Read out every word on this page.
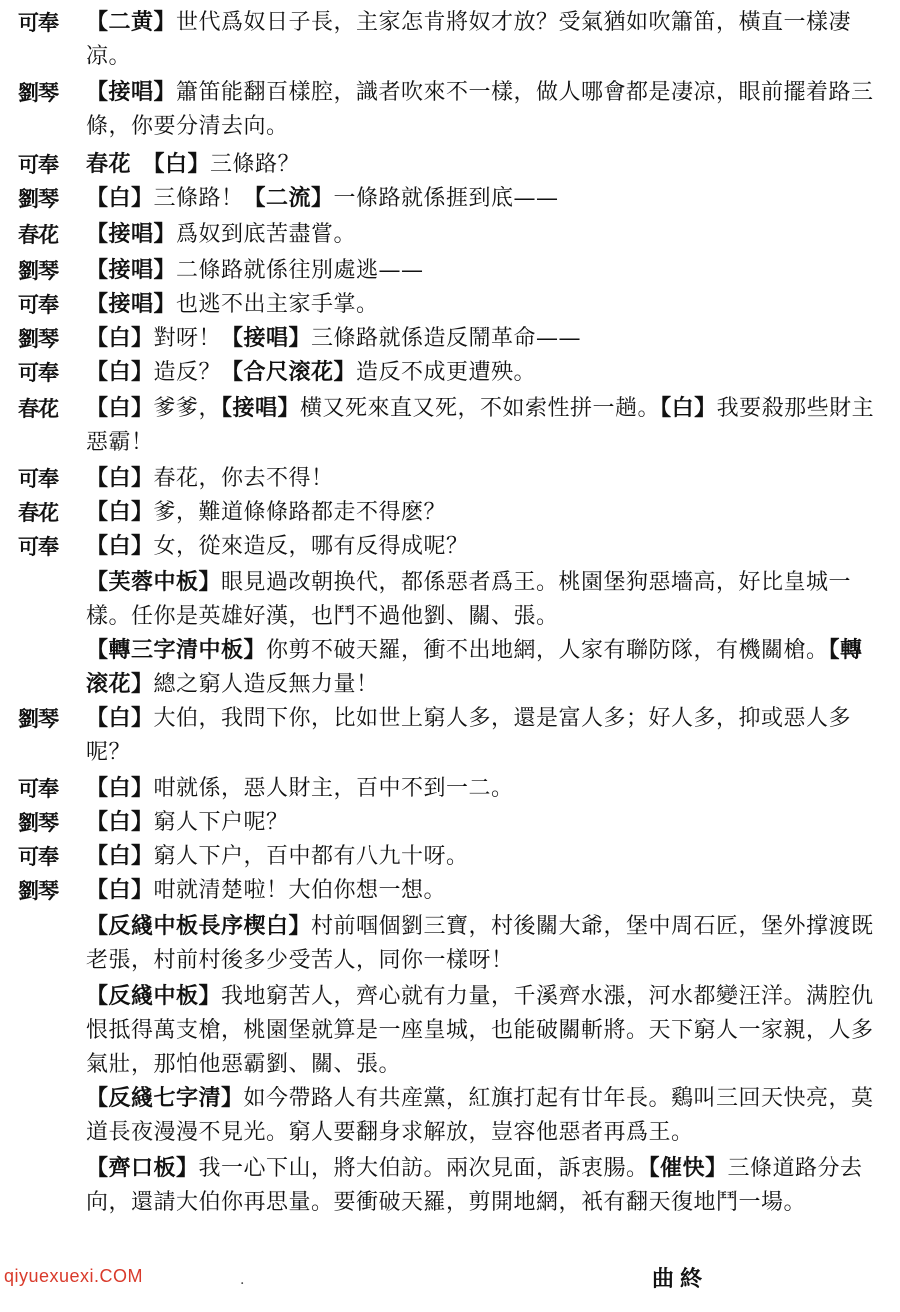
可奉 【二黄】世代爲奴日子長，主家怎肯將奴才放？受氣猶如吹簫笛，橫直一樣凄凉。
劉琴 【接唱】簫笛能翻百樣腔，識者吹來不一樣，做人哪會都是凄凉，眼前擺着路三條，你要分清去向。
可奉 春花　【白】三條路？
劉琴 【白】三條路！【二流】一條路就係捱到底——
春花 【接唱】爲奴到底苦盡嘗。
劉琴 【接唱】二條路就係往別處逃——
可奉 【接唱】也逃不出主家手掌。
劉琴 【白】對呀！【接唱】三條路就係造反鬧革命——
可奉 【白】造反？【合尺滚花】造反不成更遭殃。
春花 【白】爹爹，【接唱】横又死來直又死，不如索性拼一趟。【白】我要殺那些財主惡霸！
可奉 【白】春花，你去不得！
春花 【白】爹，難道條條路都走不得麽？
可奉 【白】女，從來造反，哪有反得成呢？
【芙蓉中板】眼見過改朝换代，都係惡者爲王。桃園堡狗惡墻高，好比皇城一樣。任你是英雄好漢，也鬥不過他劉、關、張。
【轉三字清中板】你剪不破天羅，衝不出地網，人家有聯防隊，有機關槍。【轉滚花】總之窮人造反無力量！
劉琴 【白】大伯，我問下你，比如世上窮人多，還是富人多；好人多，抑或惡人多呢？
可奉 【白】咁就係，惡人財主，百中不到一二。
劉琴 【白】窮人下户呢？
可奉 【白】窮人下户，百中都有八九十呀。
劉琴 【白】咁就清楚啦！大伯你想一想。
【反綫中板長序楔白】村前啯個劉三寶，村後關大爺，堡中周石匠，堡外撑渡既老張，村前村後多少受苦人，同你一樣呀！
【反綫中板】我地窮苦人，齊心就有力量，千溪齊水漲，河水都變汪洋。满腔仇恨抵得萬支槍，桃園堡就算是一座皇城，也能破關斬將。天下窮人一家親，人多氣壯，那怕他惡霸劉、關、張。
【反綫七字清】如今帶路人有共産黨，紅旗打起有廿年長。鷄叫三回天快亮，莫道長夜漫漫不見光。窮人要翻身求解放，豈容他惡者再爲王。
【齊口板】我一心下山，將大伯訪。兩次見面，訴衷腸。【催快】三條道路分去向，還請大伯你再思量。要衝破天羅，剪開地網，衹有翻天復地鬥一場。
qiyuexuexi.COM	·	曲終
